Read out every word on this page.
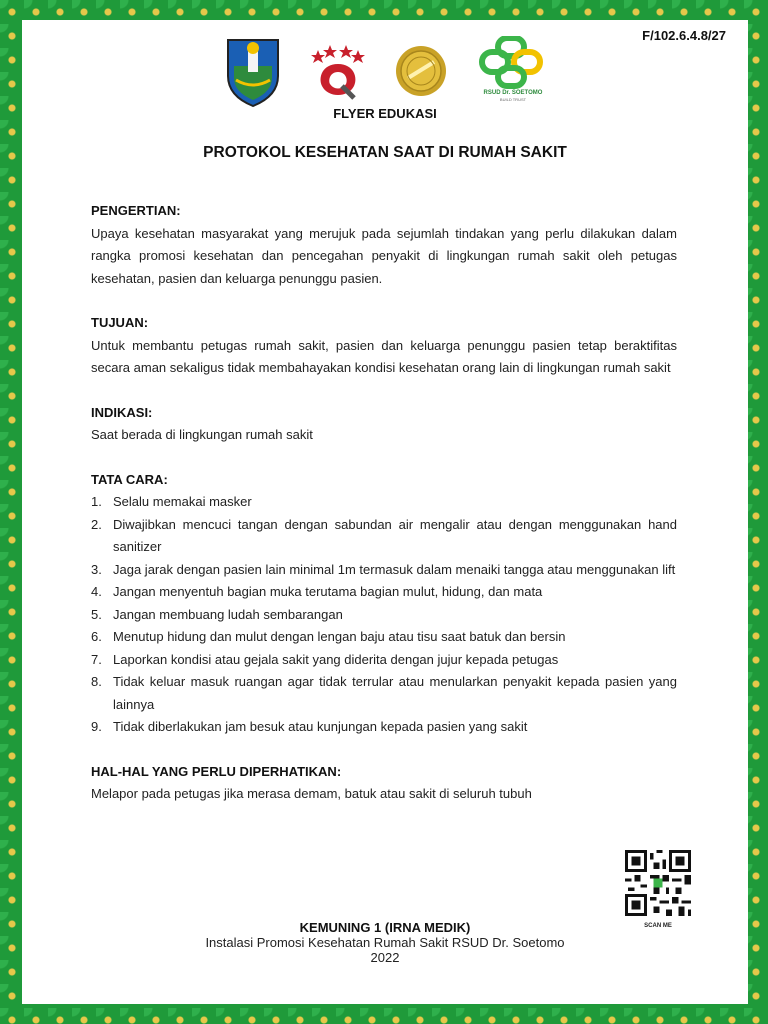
F/102.6.4.8/27
RSUD Dr. SOETOMO
BUILD TRUST
FLYER EDUKASI
PROTOKOL KESEHATAN SAAT DI RUMAH SAKIT
PENGERTIAN:

Upaya kesehatan masyarakat yang merujuk pada sejumlah tindakan yang perlu dilakukan dalam rangka promosi kesehatan dan pencegahan penyakit di lingkungan rumah sakit oleh petugas kesehatan, pasien dan keluarga penunggu pasien.

TUJUAN:

Untuk membantu petugas rumah sakit, pasien dan keluarga penunggu pasien tetap beraktifitas secara aman sekaligus tidak membahayakan kondisi kesehatan orang lain di lingkungan rumah sakit

INDIKASI:

Saat berada di lingkungan rumah sakit

TATA CARA:
1. Selalu memakai masker
2. Diwajibkan mencuci tangan dengan sabundan air mengalir atau dengan menggunakan hand sanitizer
3. Jaga jarak dengan pasien lain minimal 1m termasuk dalam menaiki tangga atau menggunakan lift
4. Jangan menyentuh bagian muka terutama bagian mulut, hidung, dan mata
5. Jangan membuang ludah sembarangan
6. Menutup hidung dan mulut dengan lengan baju atau tisu saat batuk dan bersin
7. Laporkan kondisi atau gejala sakit yang diderita dengan jujur kepada petugas
8. Tidak keluar masuk ruangan agar tidak terrular atau menularkan penyakit kepada pasien yang lainnya
9. Tidak diberlakukan jam besuk atau kunjungan kepada pasien yang sakit
HAL-HAL YANG PERLU DIPERHATIKAN:

Melapor pada petugas jika merasa demam, batuk atau sakit di seluruh tubuh

SCAN ME
KEMUNING 1 (IRNA MEDIK)
Instalasi Promosi Kesehatan Rumah Sakit RSUD Dr. Soetomo
2022
